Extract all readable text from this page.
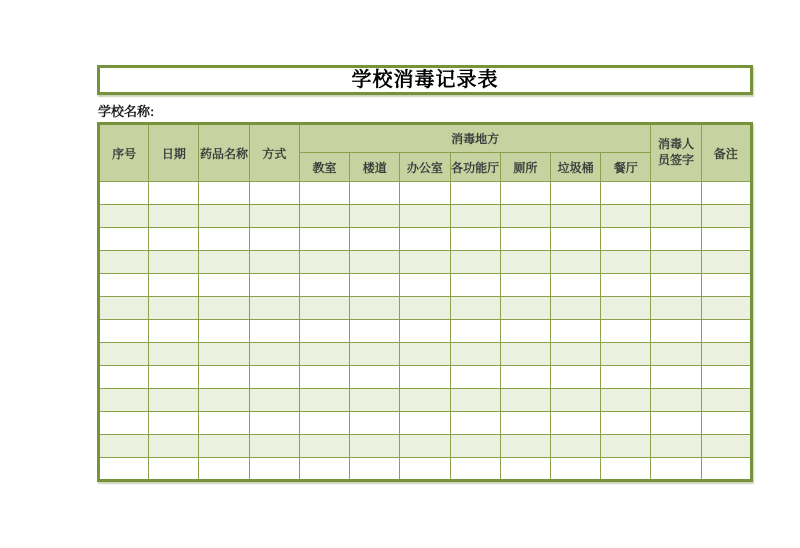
学校消毒记录表
学校名称:
序号	日期	药品名称	方式	消毒地方							消毒人员签字	备注
				教室	楼道	办公室	各功能厅	厕所	垃圾桶	餐厅		
